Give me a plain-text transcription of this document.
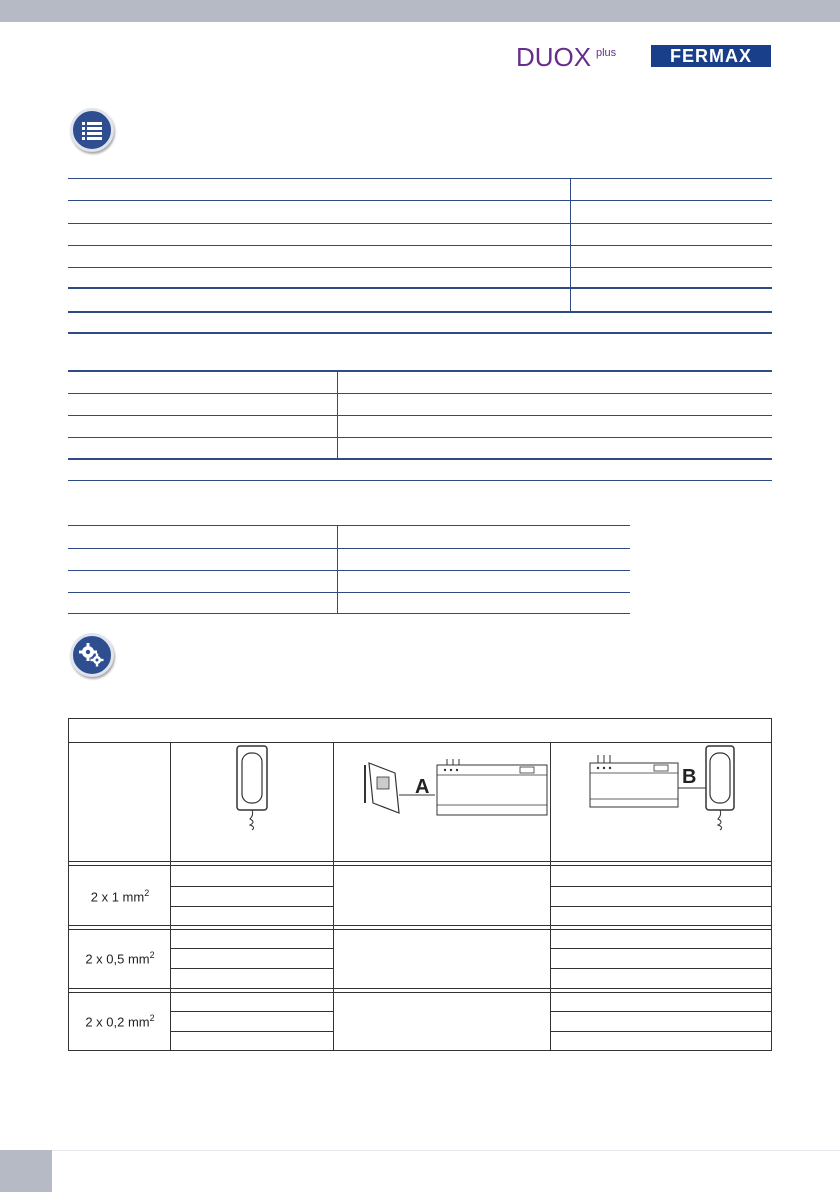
DUOX plus	FERMAX
2 x 1 $mm^2$
2 x 0,5 $mm^2$
2 x 0,2 $mm^2$
A	B
